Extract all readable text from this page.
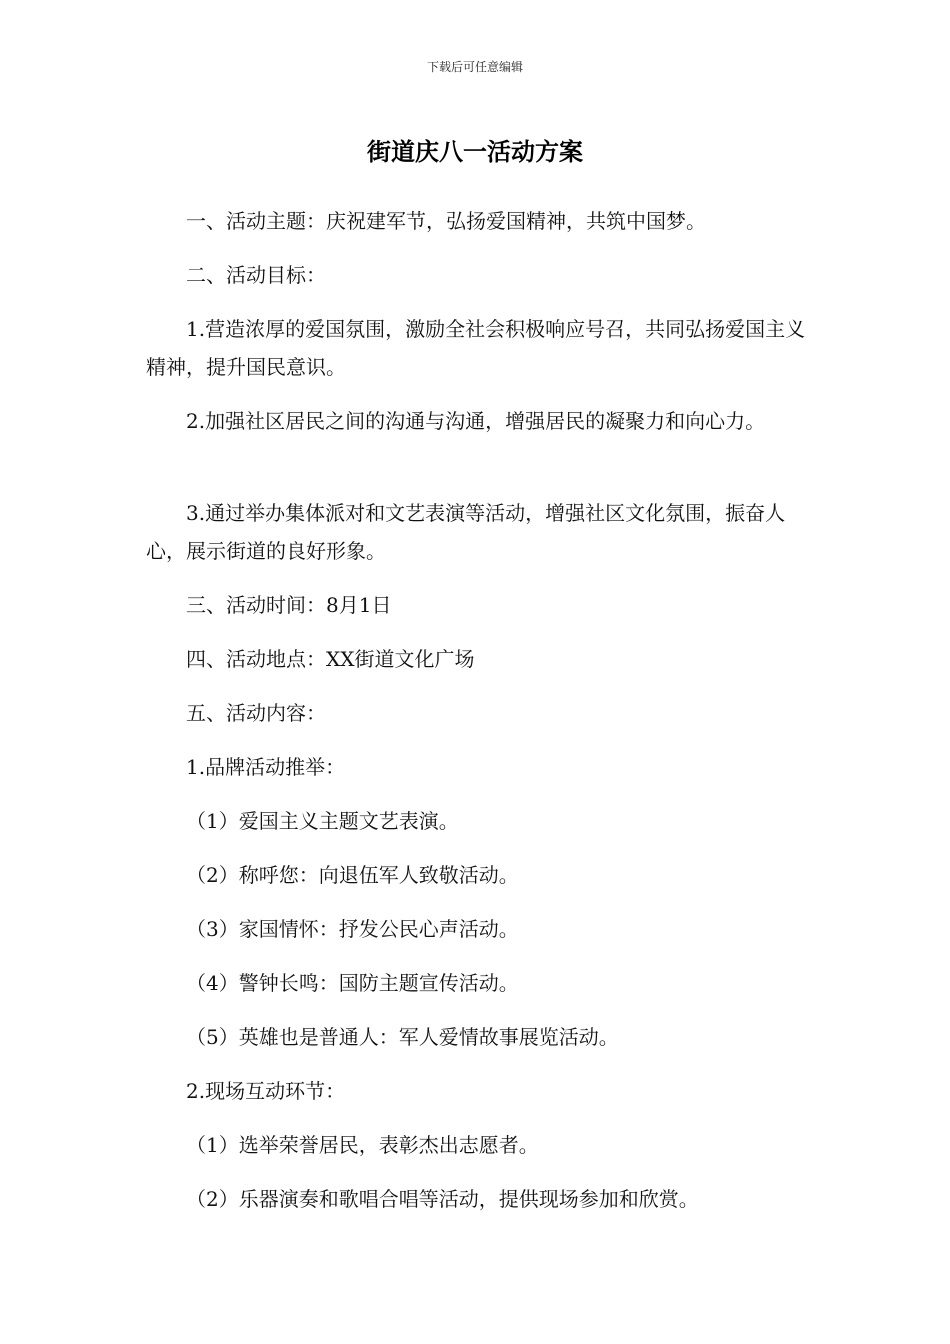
下载后可任意编辑
街道庆八一活动方案

一、活动主题：庆祝建军节，弘扬爱国精神，共筑中国梦。

二、活动目标：

1.营造浓厚的爱国氛围，激励全社会积极响应号召，共同弘扬爱国主义精神，提升国民意识。

2.加强社区居民之间的沟通与沟通，增强居民的凝聚力和向心力。

3.通过举办集体派对和文艺表演等活动，增强社区文化氛围，振奋人心，展示街道的良好形象。

三、活动时间：8月1日

四、活动地点：XX街道文化广场

五、活动内容：

1.品牌活动推举：

（1）爱国主义主题文艺表演。

（2）称呼您：向退伍军人致敬活动。

（3）家国情怀：抒发公民心声活动。

（4）警钟长鸣：国防主题宣传活动。

（5）英雄也是普通人：军人爱情故事展览活动。

2.现场互动环节：

（1）选举荣誉居民，表彰杰出志愿者。

（2）乐器演奏和歌唱合唱等活动，提供现场参加和欣赏。
